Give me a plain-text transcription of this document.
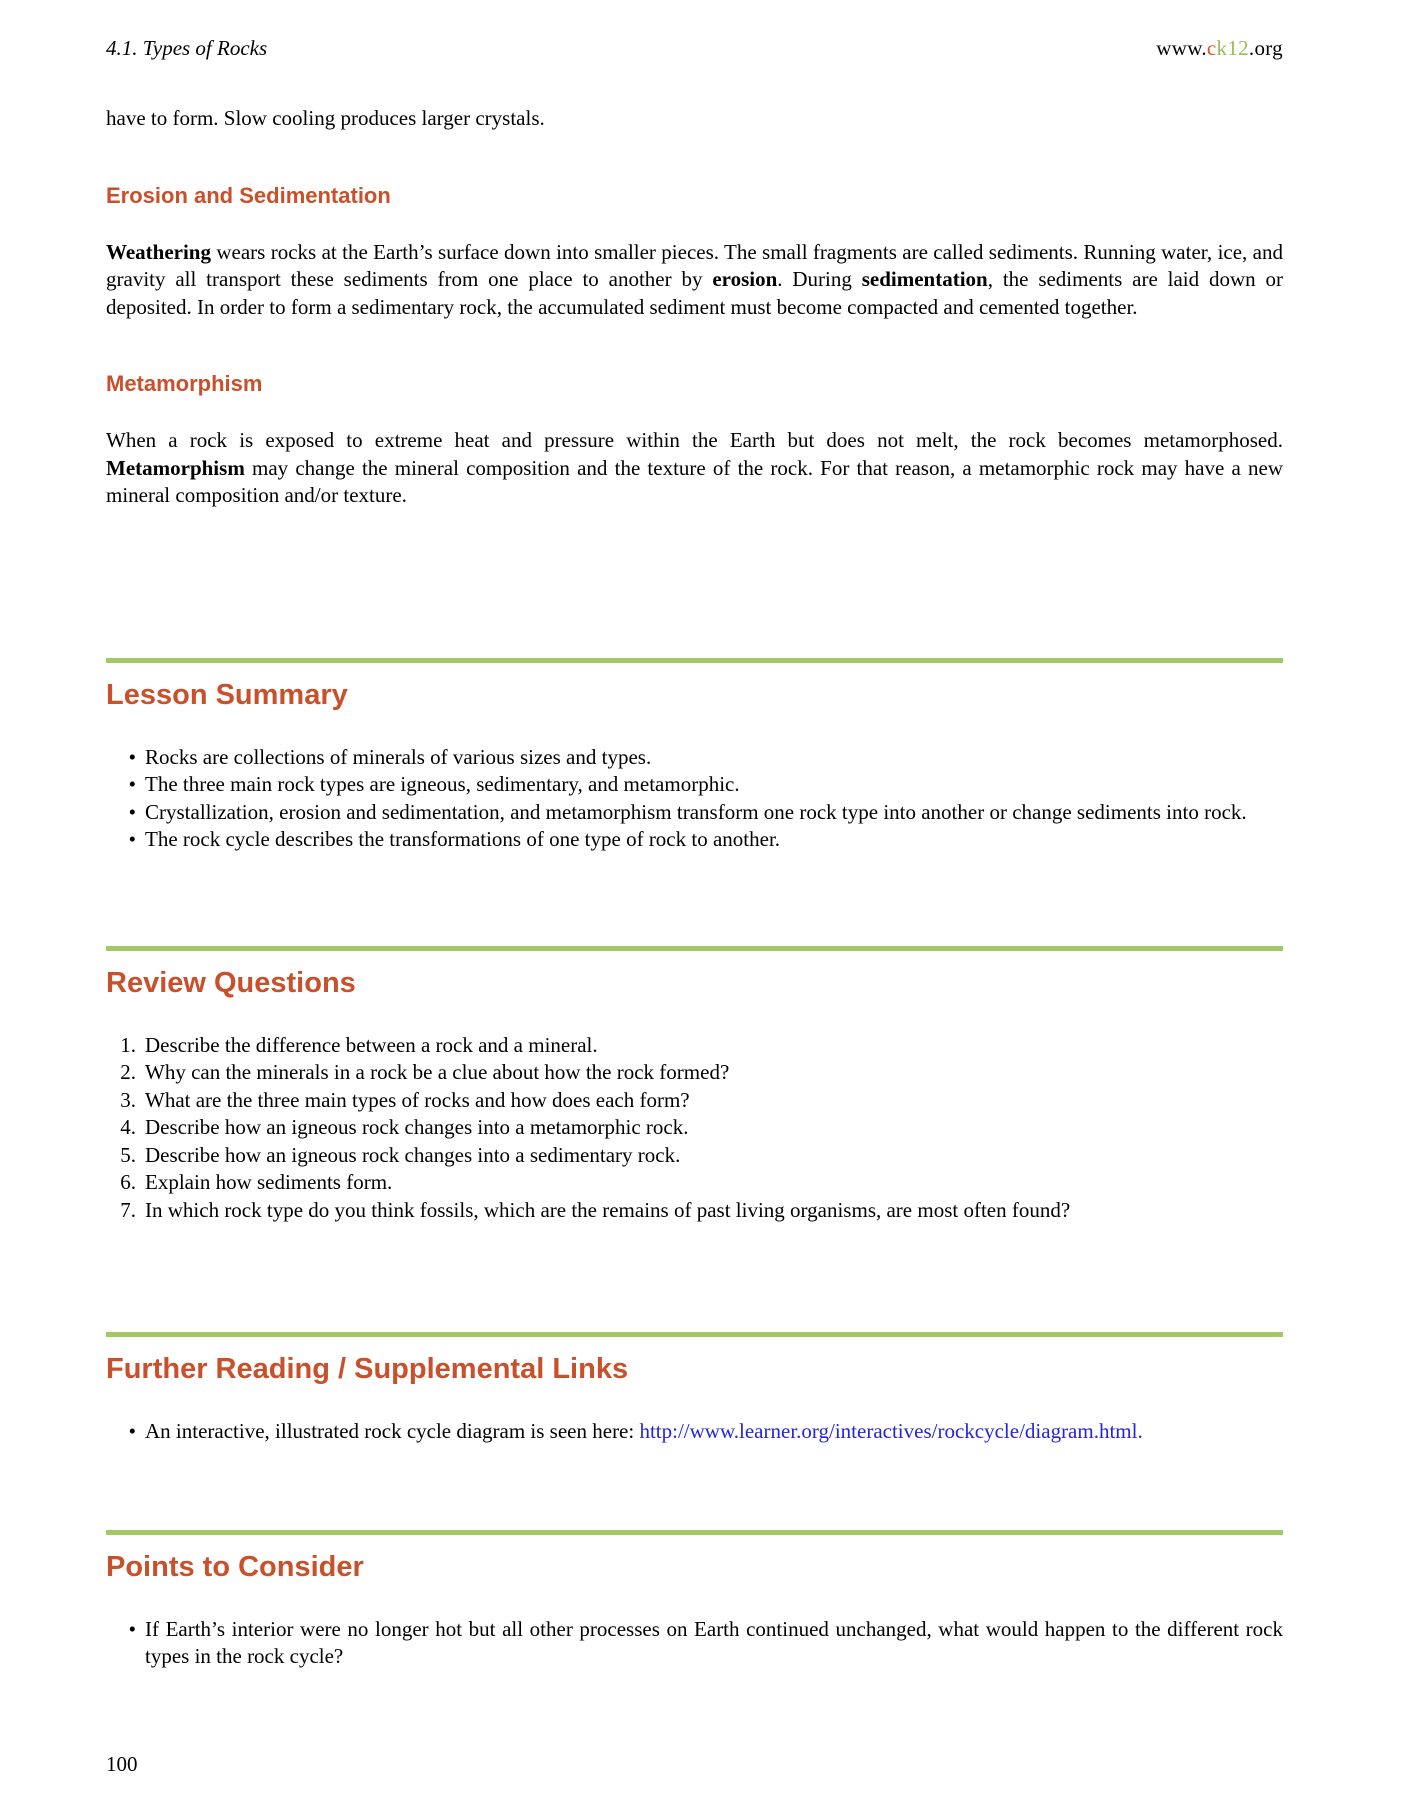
4.1. Types of Rocks	www.ck12.org

have to form. Slow cooling produces larger crystals.

Erosion and Sedimentation

Weathering wears rocks at the Earth’s surface down into smaller pieces. The small fragments are called sediments. Running water, ice, and gravity all transport these sediments from one place to another by erosion. During sedimentation, the sediments are laid down or deposited. In order to form a sedimentary rock, the accumulated sediment must become compacted and cemented together.

Metamorphism

When a rock is exposed to extreme heat and pressure within the Earth but does not melt, the rock becomes metamorphosed. Metamorphism may change the mineral composition and the texture of the rock. For that reason, a metamorphic rock may have a new mineral composition and/or texture.

Lesson Summary
• Rocks are collections of minerals of various sizes and types.
• The three main rock types are igneous, sedimentary, and metamorphic.
• Crystallization, erosion and sedimentation, and metamorphism transform one rock type into another or change sediments into rock.
• The rock cycle describes the transformations of one type of rock to another.
Review Questions
1. Describe the difference between a rock and a mineral.
2. Why can the minerals in a rock be a clue about how the rock formed?
3. What are the three main types of rocks and how does each form?
4. Describe how an igneous rock changes into a metamorphic rock.
5. Describe how an igneous rock changes into a sedimentary rock.
6. Explain how sediments form.
7. In which rock type do you think fossils, which are the remains of past living organisms, are most often found?
Further Reading / Supplemental Links
• An interactive, illustrated rock cycle diagram is seen here: http://www.learner.org/interactives/rockcycle/diagram.html.
Points to Consider
• If Earth’s interior were no longer hot but all other processes on Earth continued unchanged, what would happen to the different rock types in the rock cycle?
100
